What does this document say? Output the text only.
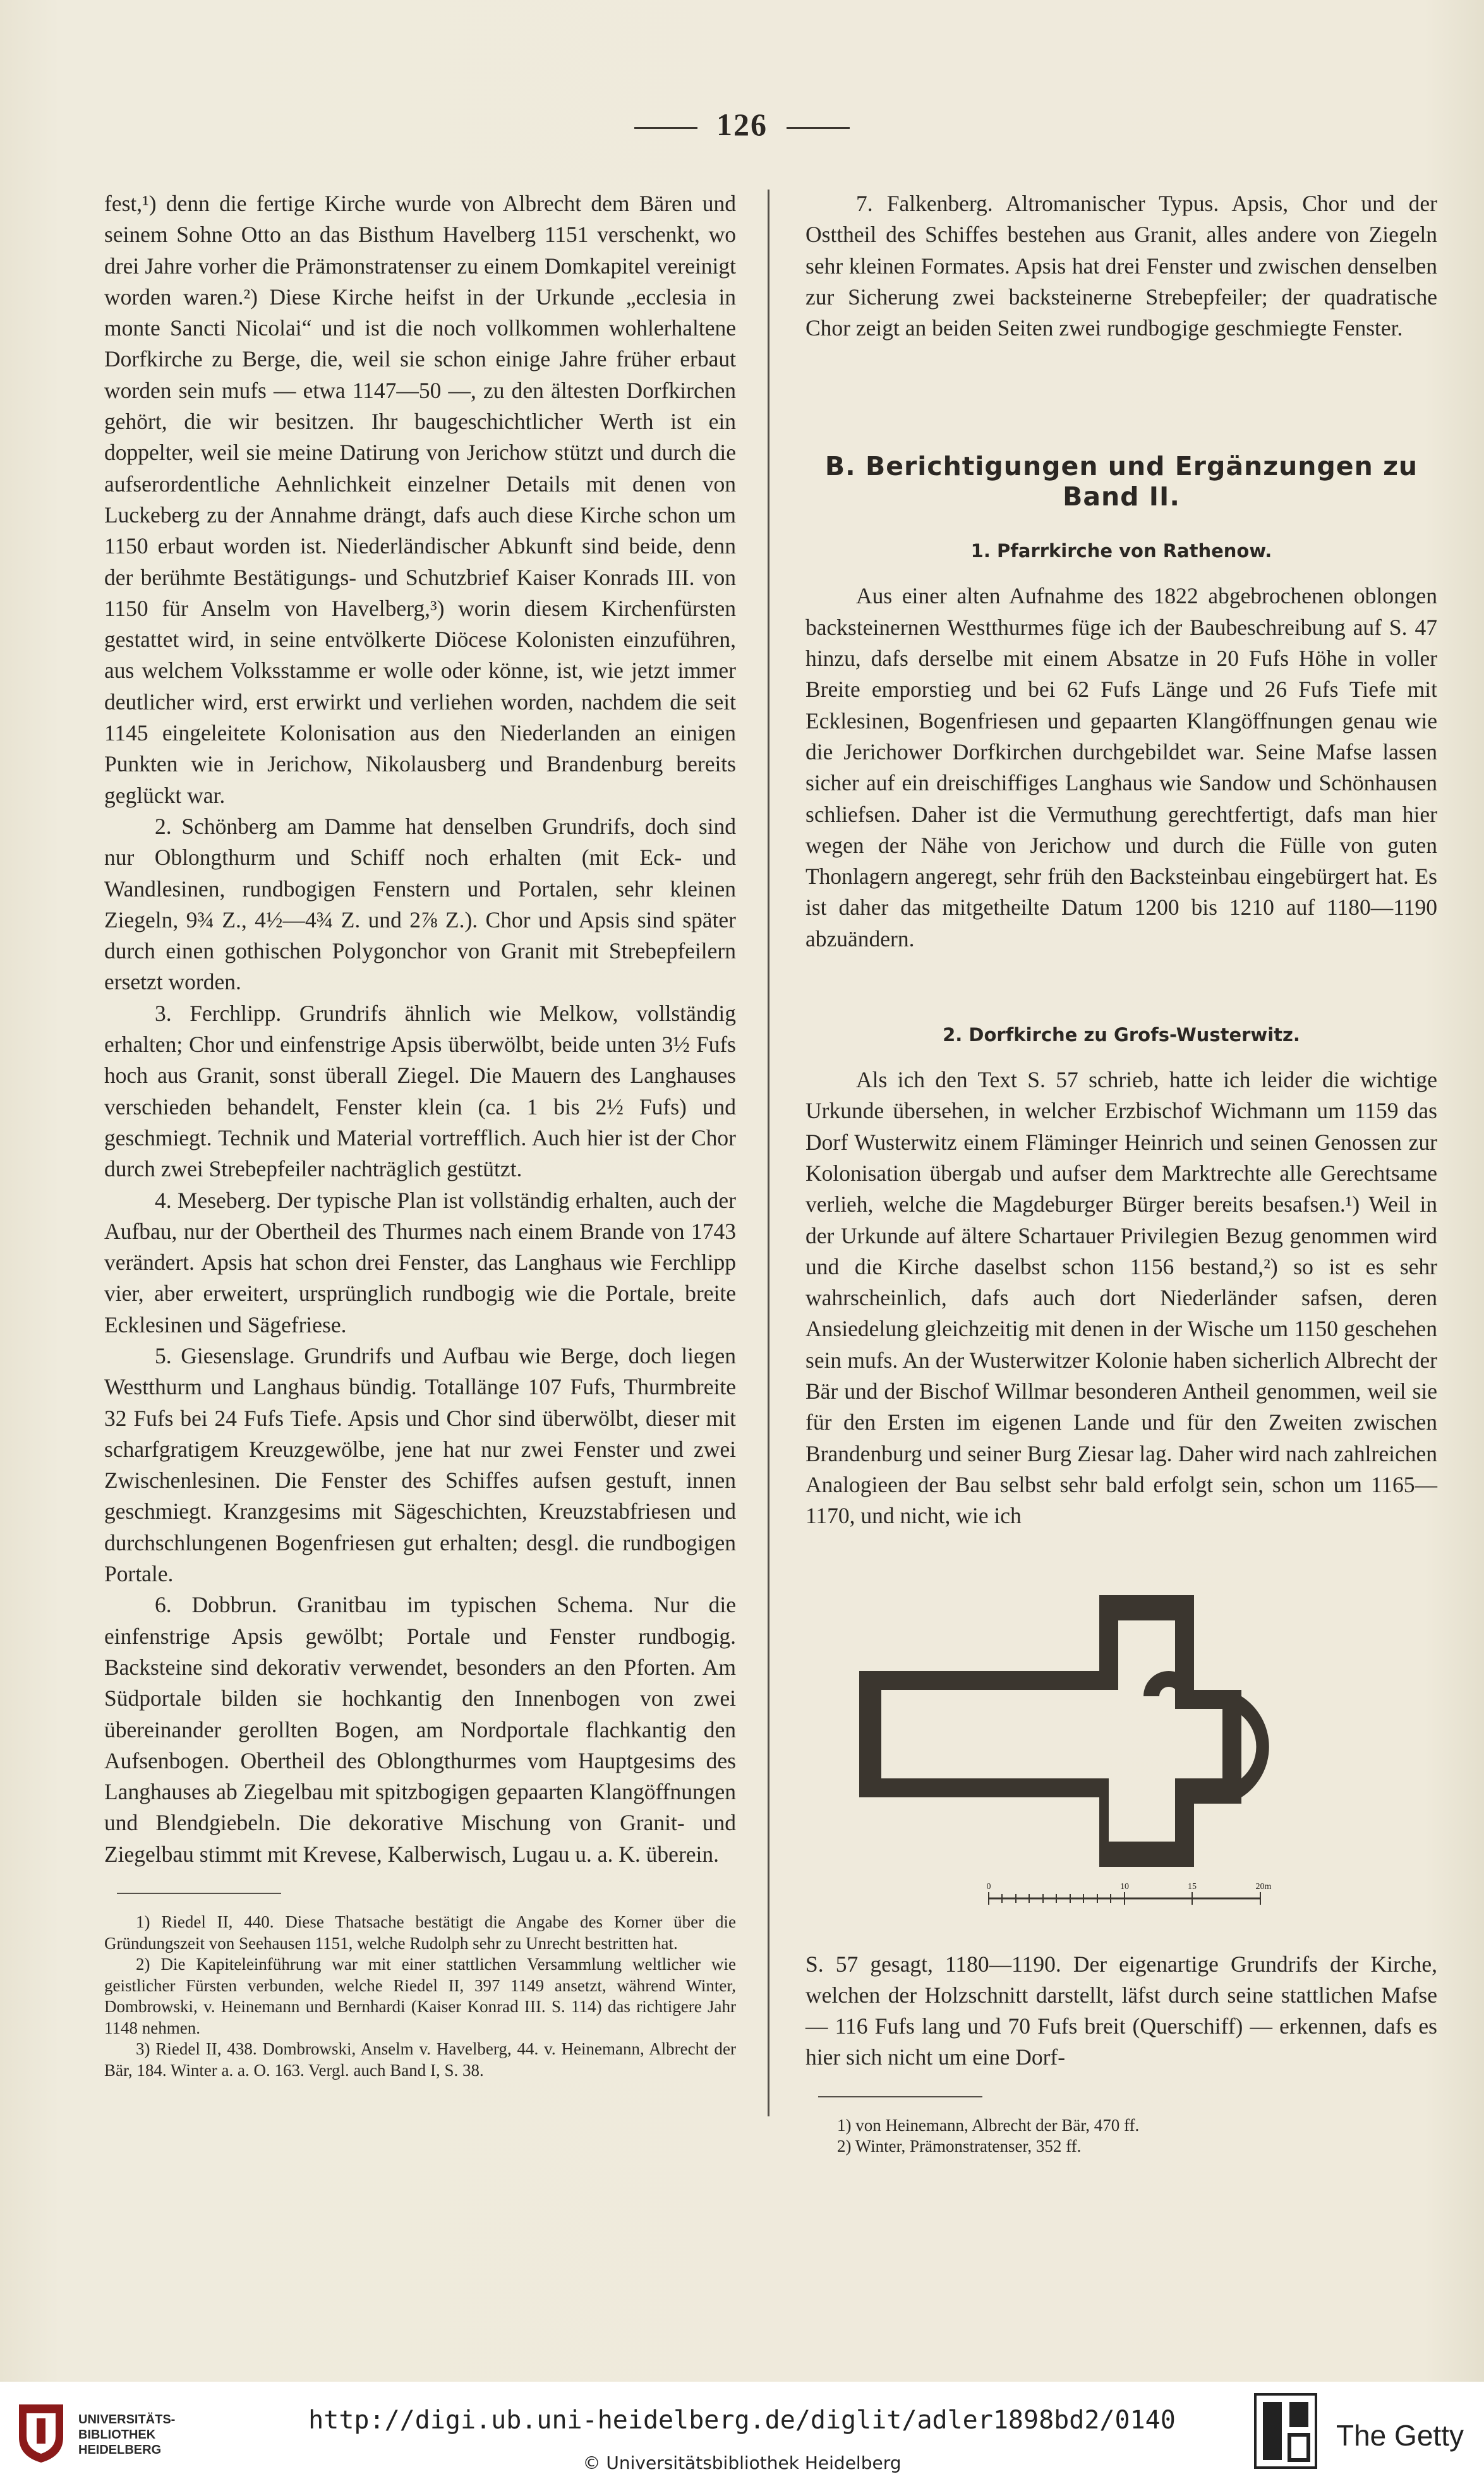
126

fest,¹) denn die fertige Kirche wurde von Albrecht dem Bären und seinem Sohne Otto an das Bisthum Havelberg 1151 verschenkt, wo drei Jahre vorher die Prämonstratenser zu einem Domkapitel vereinigt worden waren.²) Diese Kirche heifst in der Urkunde „ecclesia in monte Sancti Nicolai“ und ist die noch vollkommen wohlerhaltene Dorfkirche zu Berge, die, weil sie schon einige Jahre früher erbaut worden sein mufs — etwa 1147—50 —, zu den ältesten Dorfkirchen gehört, die wir besitzen. Ihr baugeschichtlicher Werth ist ein doppelter, weil sie meine Datirung von Jerichow stützt und durch die aufserordentliche Aehnlichkeit einzelner Details mit denen von Luckeberg zu der Annahme drängt, dafs auch diese Kirche schon um 1150 erbaut worden ist. Niederländischer Abkunft sind beide, denn der berühmte Bestätigungs- und Schutzbrief Kaiser Konrads III. von 1150 für Anselm von Havelberg,³) worin diesem Kirchenfürsten gestattet wird, in seine entvölkerte Diöcese Kolonisten einzuführen, aus welchem Volksstamme er wolle oder könne, ist, wie jetzt immer deutlicher wird, erst erwirkt und verliehen worden, nachdem die seit 1145 eingeleitete Kolonisation aus den Niederlanden an einigen Punkten wie in Jerichow, Nikolausberg und Brandenburg bereits geglückt war.

2. Schönberg am Damme hat denselben Grundrifs, doch sind nur Oblongthurm und Schiff noch erhalten (mit Eck- und Wandlesinen, rundbogigen Fenstern und Portalen, sehr kleinen Ziegeln, 9¾ Z., 4½—4¾ Z. und 2⅞ Z.). Chor und Apsis sind später durch einen gothischen Polygonchor von Granit mit Strebepfeilern ersetzt worden.

3. Ferchlipp. Grundrifs ähnlich wie Melkow, vollständig erhalten; Chor und einfenstrige Apsis überwölbt, beide unten 3½ Fufs hoch aus Granit, sonst überall Ziegel. Die Mauern des Langhauses verschieden behandelt, Fenster klein (ca. 1 bis 2½ Fufs) und geschmiegt. Technik und Material vortrefflich. Auch hier ist der Chor durch zwei Strebepfeiler nachträglich gestützt.

4. Meseberg. Der typische Plan ist vollständig erhalten, auch der Aufbau, nur der Obertheil des Thurmes nach einem Brande von 1743 verändert. Apsis hat schon drei Fenster, das Langhaus wie Ferchlipp vier, aber erweitert, ursprünglich rundbogig wie die Portale, breite Ecklesinen und Sägefriese.

5. Giesenslage. Grundrifs und Aufbau wie Berge, doch liegen Westthurm und Langhaus bündig. Totallänge 107 Fufs, Thurmbreite 32 Fufs bei 24 Fufs Tiefe. Apsis und Chor sind überwölbt, dieser mit scharfgratigem Kreuzgewölbe, jene hat nur zwei Fenster und zwei Zwischenlesinen. Die Fenster des Schiffes aufsen gestuft, innen geschmiegt. Kranzgesims mit Sägeschichten, Kreuzstabfriesen und durchschlungenen Bogenfriesen gut erhalten; desgl. die rundbogigen Portale.

6. Dobbrun. Granitbau im typischen Schema. Nur die einfenstrige Apsis gewölbt; Portale und Fenster rundbogig. Backsteine sind dekorativ verwendet, besonders an den Pforten. Am Südportale bilden sie hochkantig den Innenbogen von zwei übereinander gerollten Bogen, am Nordportale flachkantig den Aufsenbogen. Obertheil des Oblongthurmes vom Hauptgesims des Langhauses ab Ziegelbau mit spitzbogigen gepaarten Klangöffnungen und Blendgiebeln. Die dekorative Mischung von Granit- und Ziegelbau stimmt mit Krevese, Kalberwisch, Lugau u. a. K. überein.

1) Riedel II, 440. Diese Thatsache bestätigt die Angabe des Korner über die Gründungszeit von Seehausen 1151, welche Rudolph sehr zu Unrecht bestritten hat.

2) Die Kapiteleinführung war mit einer stattlichen Versammlung weltlicher wie geistlicher Fürsten verbunden, welche Riedel II, 397 1149 ansetzt, während Winter, Dombrowski, v. Heinemann und Bernhardi (Kaiser Konrad III. S. 114) das richtigere Jahr 1148 nehmen.

3) Riedel II, 438. Dombrowski, Anselm v. Havelberg, 44. v. Heinemann, Albrecht der Bär, 184. Winter a. a. O. 163. Vergl. auch Band I, S. 38.

7. Falkenberg. Altromanischer Typus. Apsis, Chor und der Osttheil des Schiffes bestehen aus Granit, alles andere von Ziegeln sehr kleinen Formates. Apsis hat drei Fenster und zwischen denselben zur Sicherung zwei backsteinerne Strebepfeiler; der quadratische Chor zeigt an beiden Seiten zwei rundbogige geschmiegte Fenster.

B. Berichtigungen und Ergänzungen zu Band II.
1. Pfarrkirche von Rathenow.

Aus einer alten Aufnahme des 1822 abgebrochenen oblongen backsteinernen Westthurmes füge ich der Baubeschreibung auf S. 47 hinzu, dafs derselbe mit einem Absatze in 20 Fufs Höhe in voller Breite emporstieg und bei 62 Fufs Länge und 26 Fufs Tiefe mit Ecklesinen, Bogenfriesen und gepaarten Klangöffnungen genau wie die Jerichower Dorfkirchen durchgebildet war. Seine Mafse lassen sicher auf ein dreischiffiges Langhaus wie Sandow und Schönhausen schliefsen. Daher ist die Vermuthung gerechtfertigt, dafs man hier wegen der Nähe von Jerichow und durch die Fülle von guten Thonlagern angeregt, sehr früh den Backsteinbau eingebürgert hat. Es ist daher das mitgetheilte Datum 1200 bis 1210 auf 1180—1190 abzuändern.

2. Dorfkirche zu Grofs-Wusterwitz.

Als ich den Text S. 57 schrieb, hatte ich leider die wichtige Urkunde übersehen, in welcher Erzbischof Wichmann um 1159 das Dorf Wusterwitz einem Fläminger Heinrich und seinen Genossen zur Kolonisation übergab und aufser dem Marktrechte alle Gerechtsame verlieh, welche die Magdeburger Bürger bereits besafsen.¹) Weil in der Urkunde auf ältere Schartauer Privilegien Bezug genommen wird und die Kirche daselbst schon 1156 bestand,²) so ist es sehr wahrscheinlich, dafs auch dort Niederländer safsen, deren Ansiedelung gleichzeitig mit denen in der Wische um 1150 geschehen sein mufs. An der Wusterwitzer Kolonie haben sicherlich Albrecht der Bär und der Bischof Willmar besonderen Antheil genommen, weil sie für den Ersten im eigenen Lande und für den Zweiten zwischen Brandenburg und seiner Burg Ziesar lag. Daher wird nach zahlreichen Analogieen der Bau selbst sehr bald erfolgt sein, schon um 1165—1170, und nicht, wie ich

0	10	15	20m

S. 57 gesagt, 1180—1190. Der eigenartige Grundrifs der Kirche, welchen der Holzschnitt darstellt, läfst durch seine stattlichen Mafse — 116 Fufs lang und 70 Fufs breit (Querschiff) — erkennen, dafs es hier sich nicht um eine Dorf-

1) von Heinemann, Albrecht der Bär, 470 ff.

2) Winter, Prämonstratenser, 352 ff.

UNIVERSITÄTS-
BIBLIOTHEK
HEIDELBERG
http://digi.ub.uni-heidelberg.de/diglit/adler1898bd2/0140
© Universitätsbibliothek Heidelberg
The Getty
